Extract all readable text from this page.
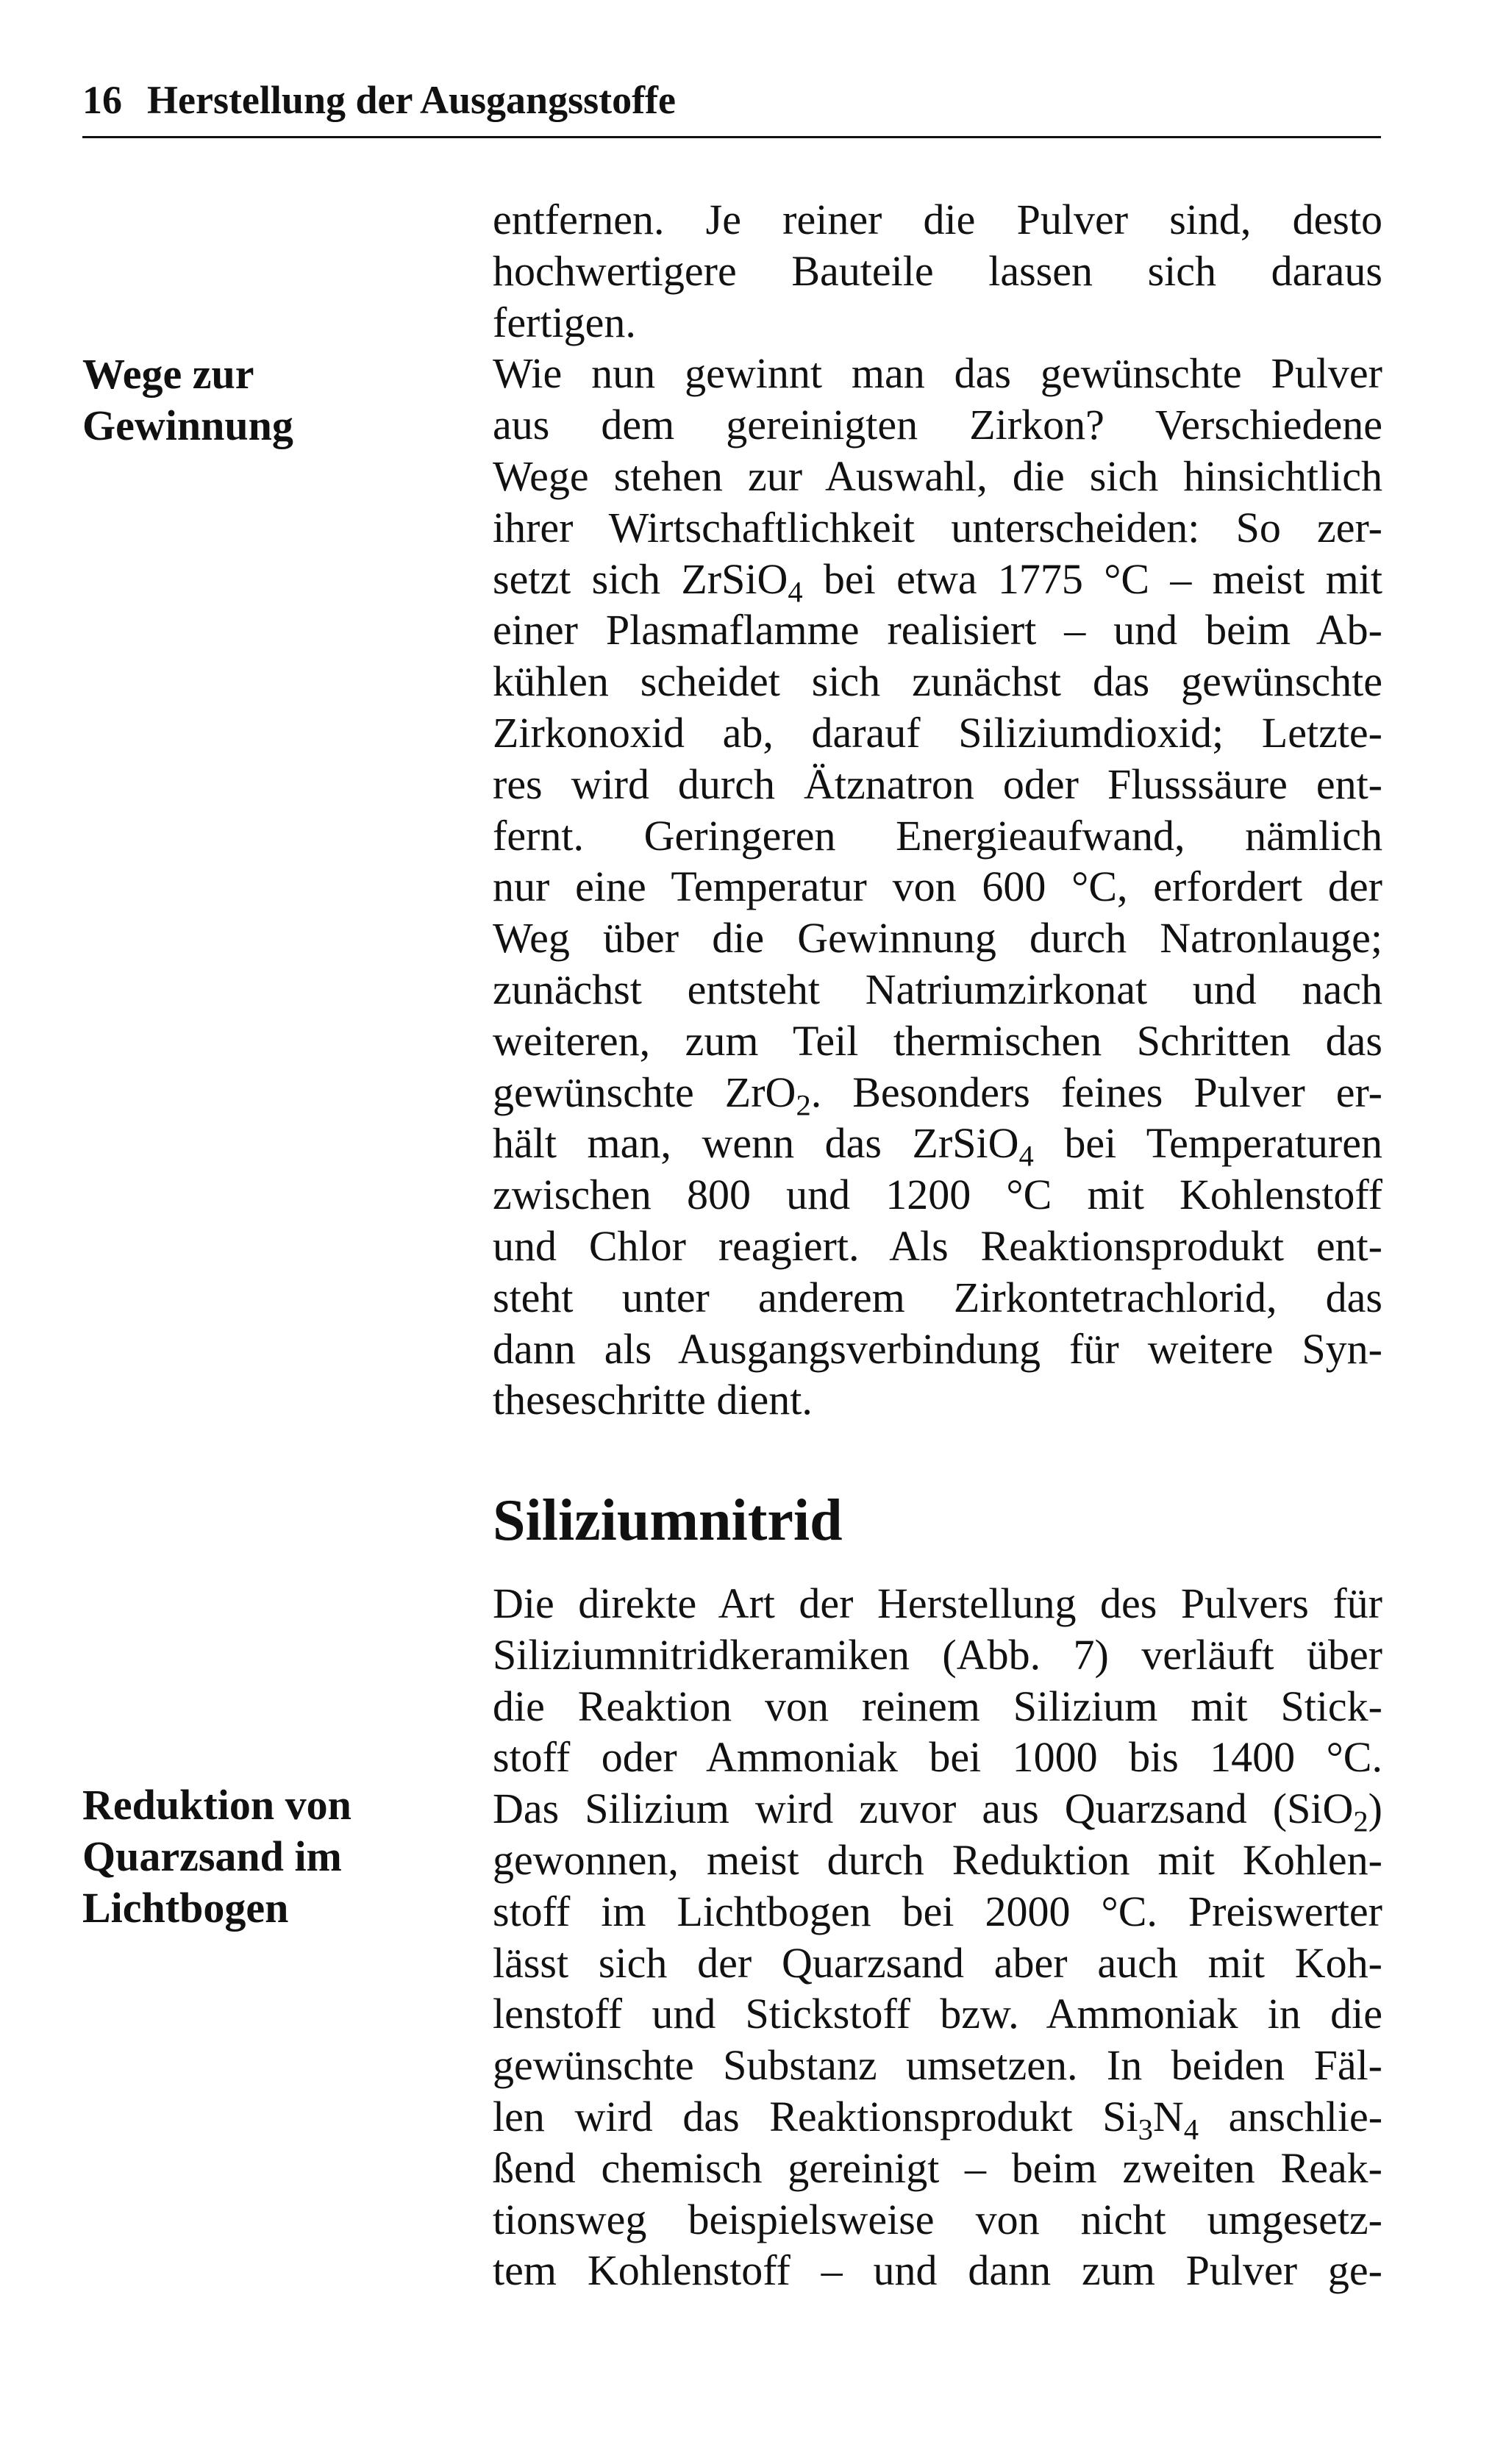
16 Herstellung der Ausgangsstoffe
Wege zur
Gewinnung
Reduktion von
Quarzsand im
Lichtbogen
entfernen. Je reiner die Pulver sind, desto
hochwertigere Bauteile lassen sich daraus
fertigen.
Wie nun gewinnt man das gewünschte Pulver
aus dem gereinigten Zirkon? Verschiedene
Wege stehen zur Auswahl, die sich hinsichtlich
ihrer Wirtschaftlichkeit unterscheiden: So zer-
setzt sich ZrSiO$_4$ bei etwa 1775 °C – meist mit
einer Plasmaflamme realisiert – und beim Ab-
kühlen scheidet sich zunächst das gewünschte
Zirkonoxid ab, darauf Siliziumdioxid; Letzte-
res wird durch Ätznatron oder Flusssäure ent-
fernt. Geringeren Energieaufwand, nämlich
nur eine Temperatur von 600 °C, erfordert der
Weg über die Gewinnung durch Natronlauge;
zunächst entsteht Natriumzirkonat und nach
weiteren, zum Teil thermischen Schritten das
gewünschte ZrO$_2$. Besonders feines Pulver er-
hält man, wenn das ZrSiO$_4$ bei Temperaturen
zwischen 800 und 1200 °C mit Kohlenstoff
und Chlor reagiert. Als Reaktionsprodukt ent-
steht unter anderem Zirkontetrachlorid, das
dann als Ausgangsverbindung für weitere Syn-
theseschritte dient.
Siliziumnitrid
Die direkte Art der Herstellung des Pulvers für
Siliziumnitridkeramiken (Abb. 7) verläuft über
die Reaktion von reinem Silizium mit Stick-
stoff oder Ammoniak bei 1000 bis 1400 °C.
Das Silizium wird zuvor aus Quarzsand (SiO$_2$)
gewonnen, meist durch Reduktion mit Kohlen-
stoff im Lichtbogen bei 2000 °C. Preiswerter
lässt sich der Quarzsand aber auch mit Koh-
lenstoff und Stickstoff bzw. Ammoniak in die
gewünschte Substanz umsetzen. In beiden Fäl-
len wird das Reaktionsprodukt $Si_3N_4$ anschlie-
ßend chemisch gereinigt – beim zweiten Reak-
tionsweg beispielsweise von nicht umgesetz-
tem Kohlenstoff – und dann zum Pulver ge-
